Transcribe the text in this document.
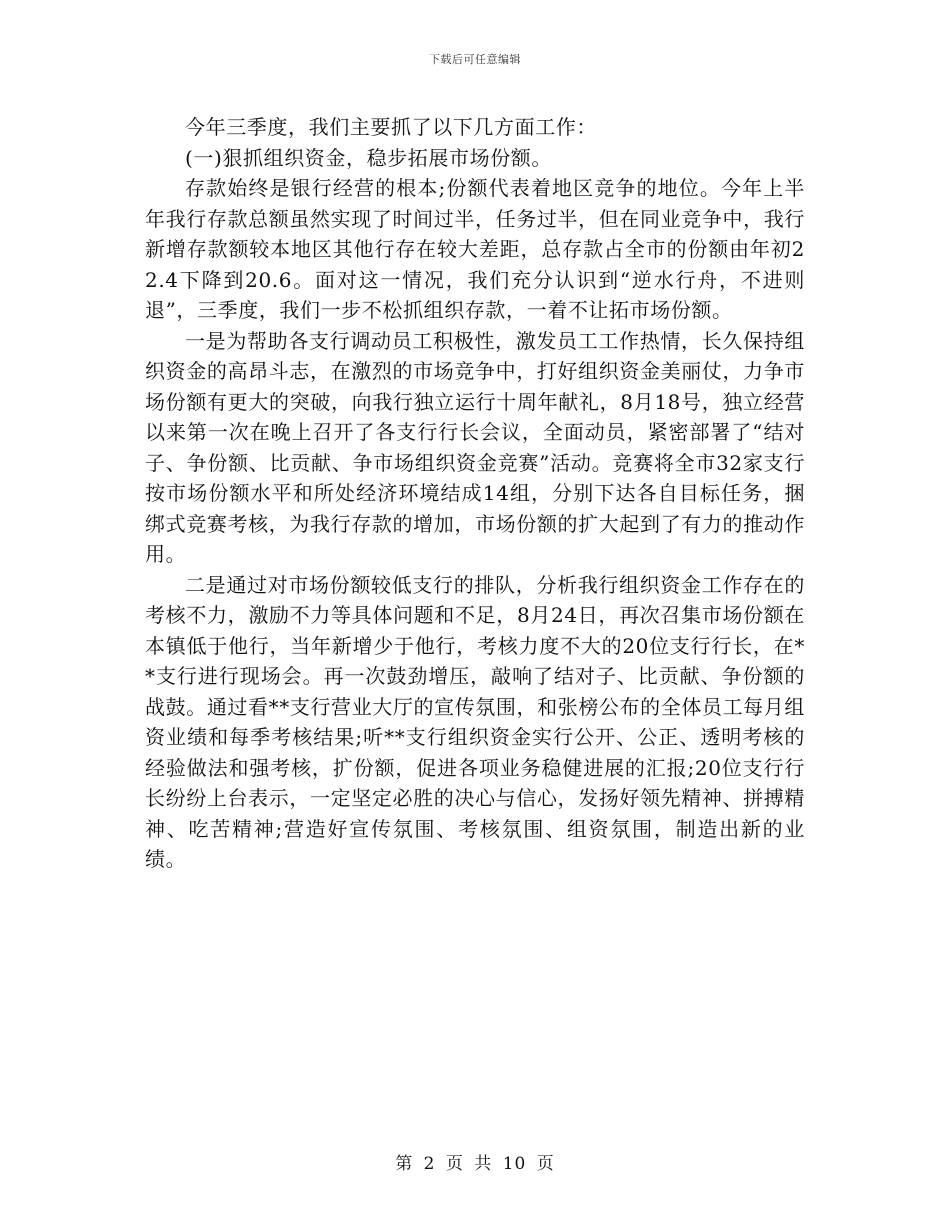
下载后可任意编辑

今年三季度，我们主要抓了以下几方面工作：

(一)狠抓组织资金，稳步拓展市场份额。

存款始终是银行经营的根本;份额代表着地区竞争的地位。今年上半年我行存款总额虽然实现了时间过半，任务过半，但在同业竞争中，我行新增存款额较本地区其他行存在较大差距，总存款占全市的份额由年初22.4下降到20.6。面对这一情况，我们充分认识到“逆水行舟，不进则退”，三季度，我们一步不松抓组织存款，一着不让拓市场份额。

一是为帮助各支行调动员工积极性，激发员工工作热情，长久保持组织资金的高昂斗志，在激烈的市场竞争中，打好组织资金美丽仗，力争市场份额有更大的突破，向我行独立运行十周年献礼，8月18号，独立经营以来第一次在晚上召开了各支行行长会议，全面动员，紧密部署了“结对子、争份额、比贡献、争市场组织资金竞赛”活动。竞赛将全市32家支行按市场份额水平和所处经济环境结成14组，分别下达各自目标任务，捆绑式竞赛考核，为我行存款的增加，市场份额的扩大起到了有力的推动作用。

二是通过对市场份额较低支行的排队，分析我行组织资金工作存在的考核不力，激励不力等具体问题和不足，8月24日，再次召集市场份额在本镇低于他行，当年新增少于他行，考核力度不大的20位支行行长，在**支行进行现场会。再一次鼓劲增压，敲响了结对子、比贡献、争份额的战鼓。通过看**支行营业大厅的宣传氛围，和张榜公布的全体员工每月组资业绩和每季考核结果;听**支行组织资金实行公开、公正、透明考核的经验做法和强考核，扩份额，促进各项业务稳健进展的汇报;20位支行行长纷纷上台表示，一定坚定必胜的决心与信心，发扬好领先精神、拼搏精神、吃苦精神;营造好宣传氛围、考核氛围、组资氛围，制造出新的业绩。

第 2 页 共 10 页
